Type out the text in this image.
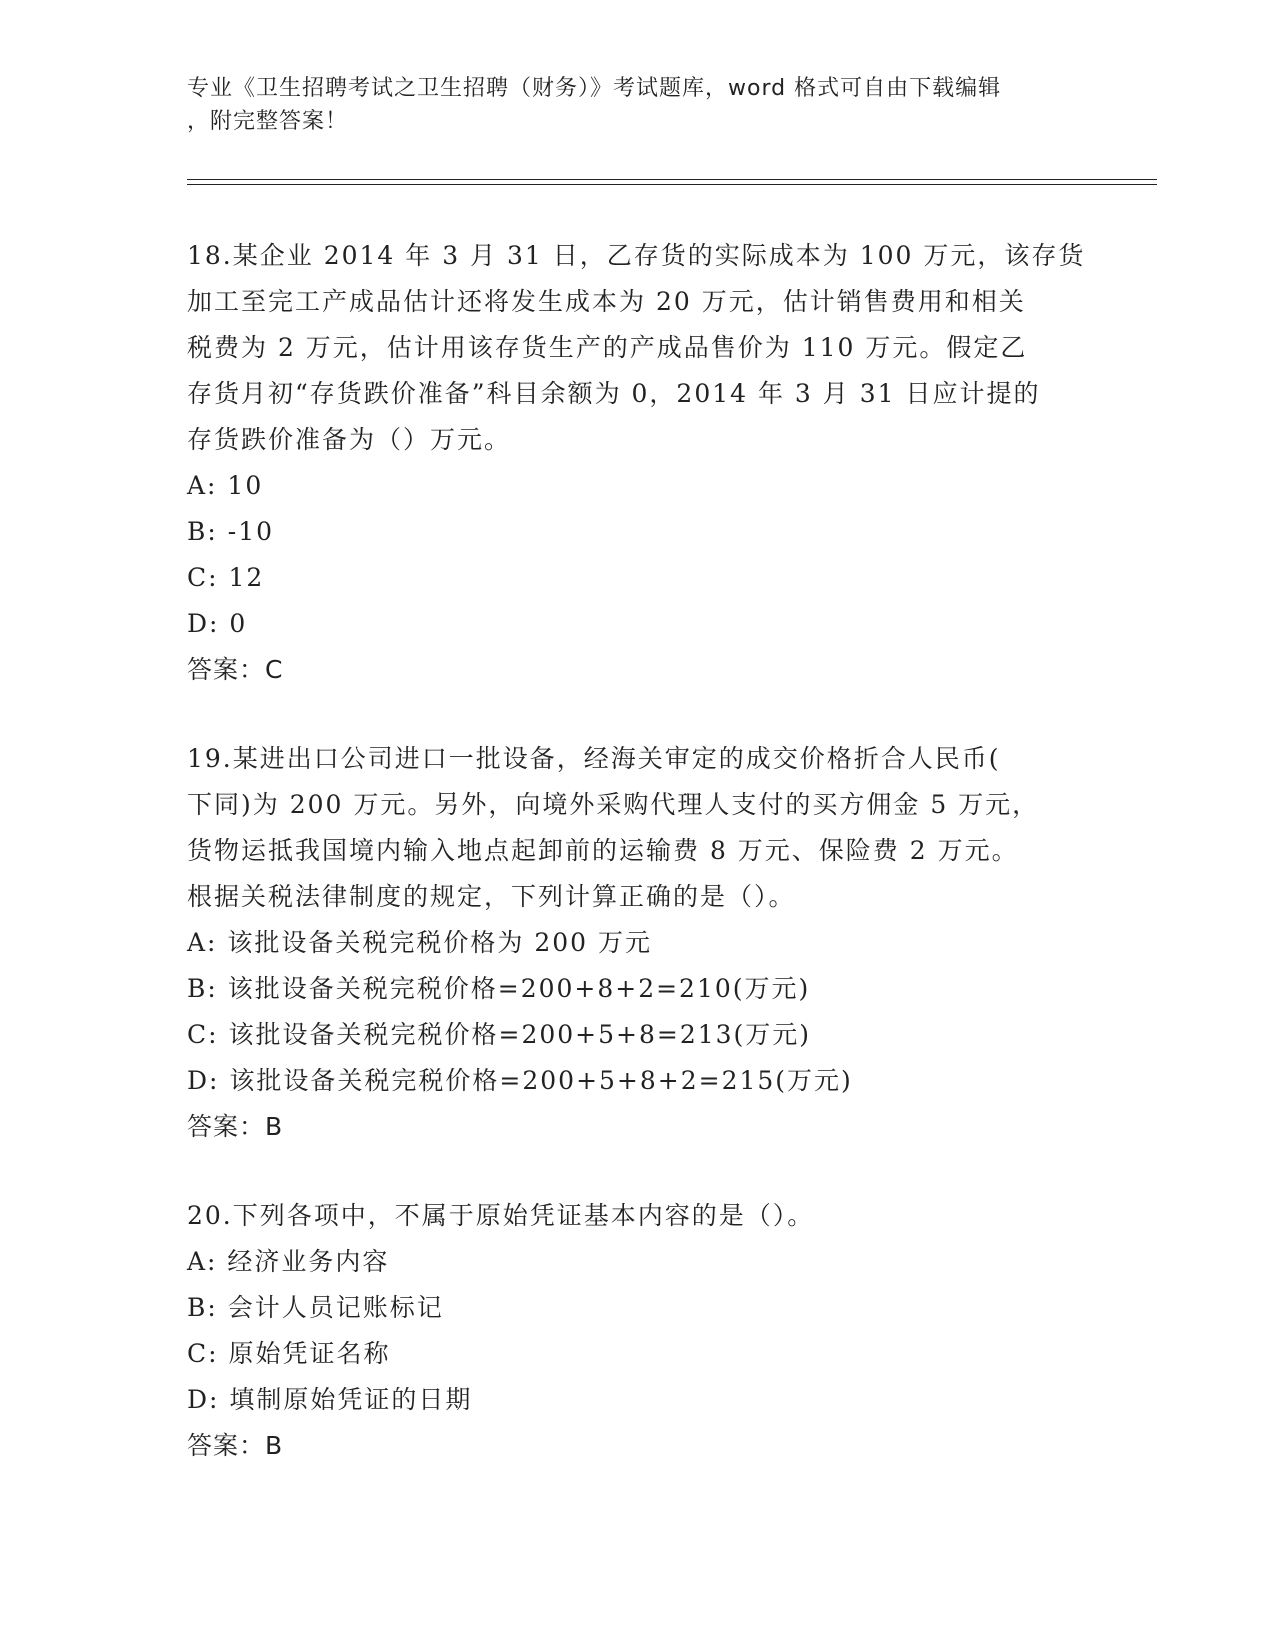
专业《卫生招聘考试之卫生招聘（财务）》考试题库，word 格式可自由下载编辑
，附完整答案！
18.某企业 2014 年 3 月 31 日，乙存货的实际成本为 100 万元，该存货
加工至完工产成品估计还将发生成本为 20 万元，估计销售费用和相关
税费为 2 万元，估计用该存货生产的产成品售价为 110 万元。假定乙
存货月初“存货跌价准备”科目余额为 0，2014 年 3 月 31 日应计提的
存货跌价准备为（）万元。
A: 10
B: -10
C: 12
D: 0
答案：C
19.某进出口公司进口一批设备，经海关审定的成交价格折合人民币(
下同)为 200 万元。另外，向境外采购代理人支付的买方佣金 5 万元，
货物运抵我国境内输入地点起卸前的运输费 8 万元、保险费 2 万元。
根据关税法律制度的规定，下列计算正确的是（）。
A: 该批设备关税完税价格为 200 万元
B: 该批设备关税完税价格=200+8+2=210(万元)
C: 该批设备关税完税价格=200+5+8=213(万元)
D: 该批设备关税完税价格=200+5+8+2=215(万元)
答案：B
20.下列各项中，不属于原始凭证基本内容的是（）。
A: 经济业务内容
B: 会计人员记账标记
C: 原始凭证名称
D: 填制原始凭证的日期
答案：B
